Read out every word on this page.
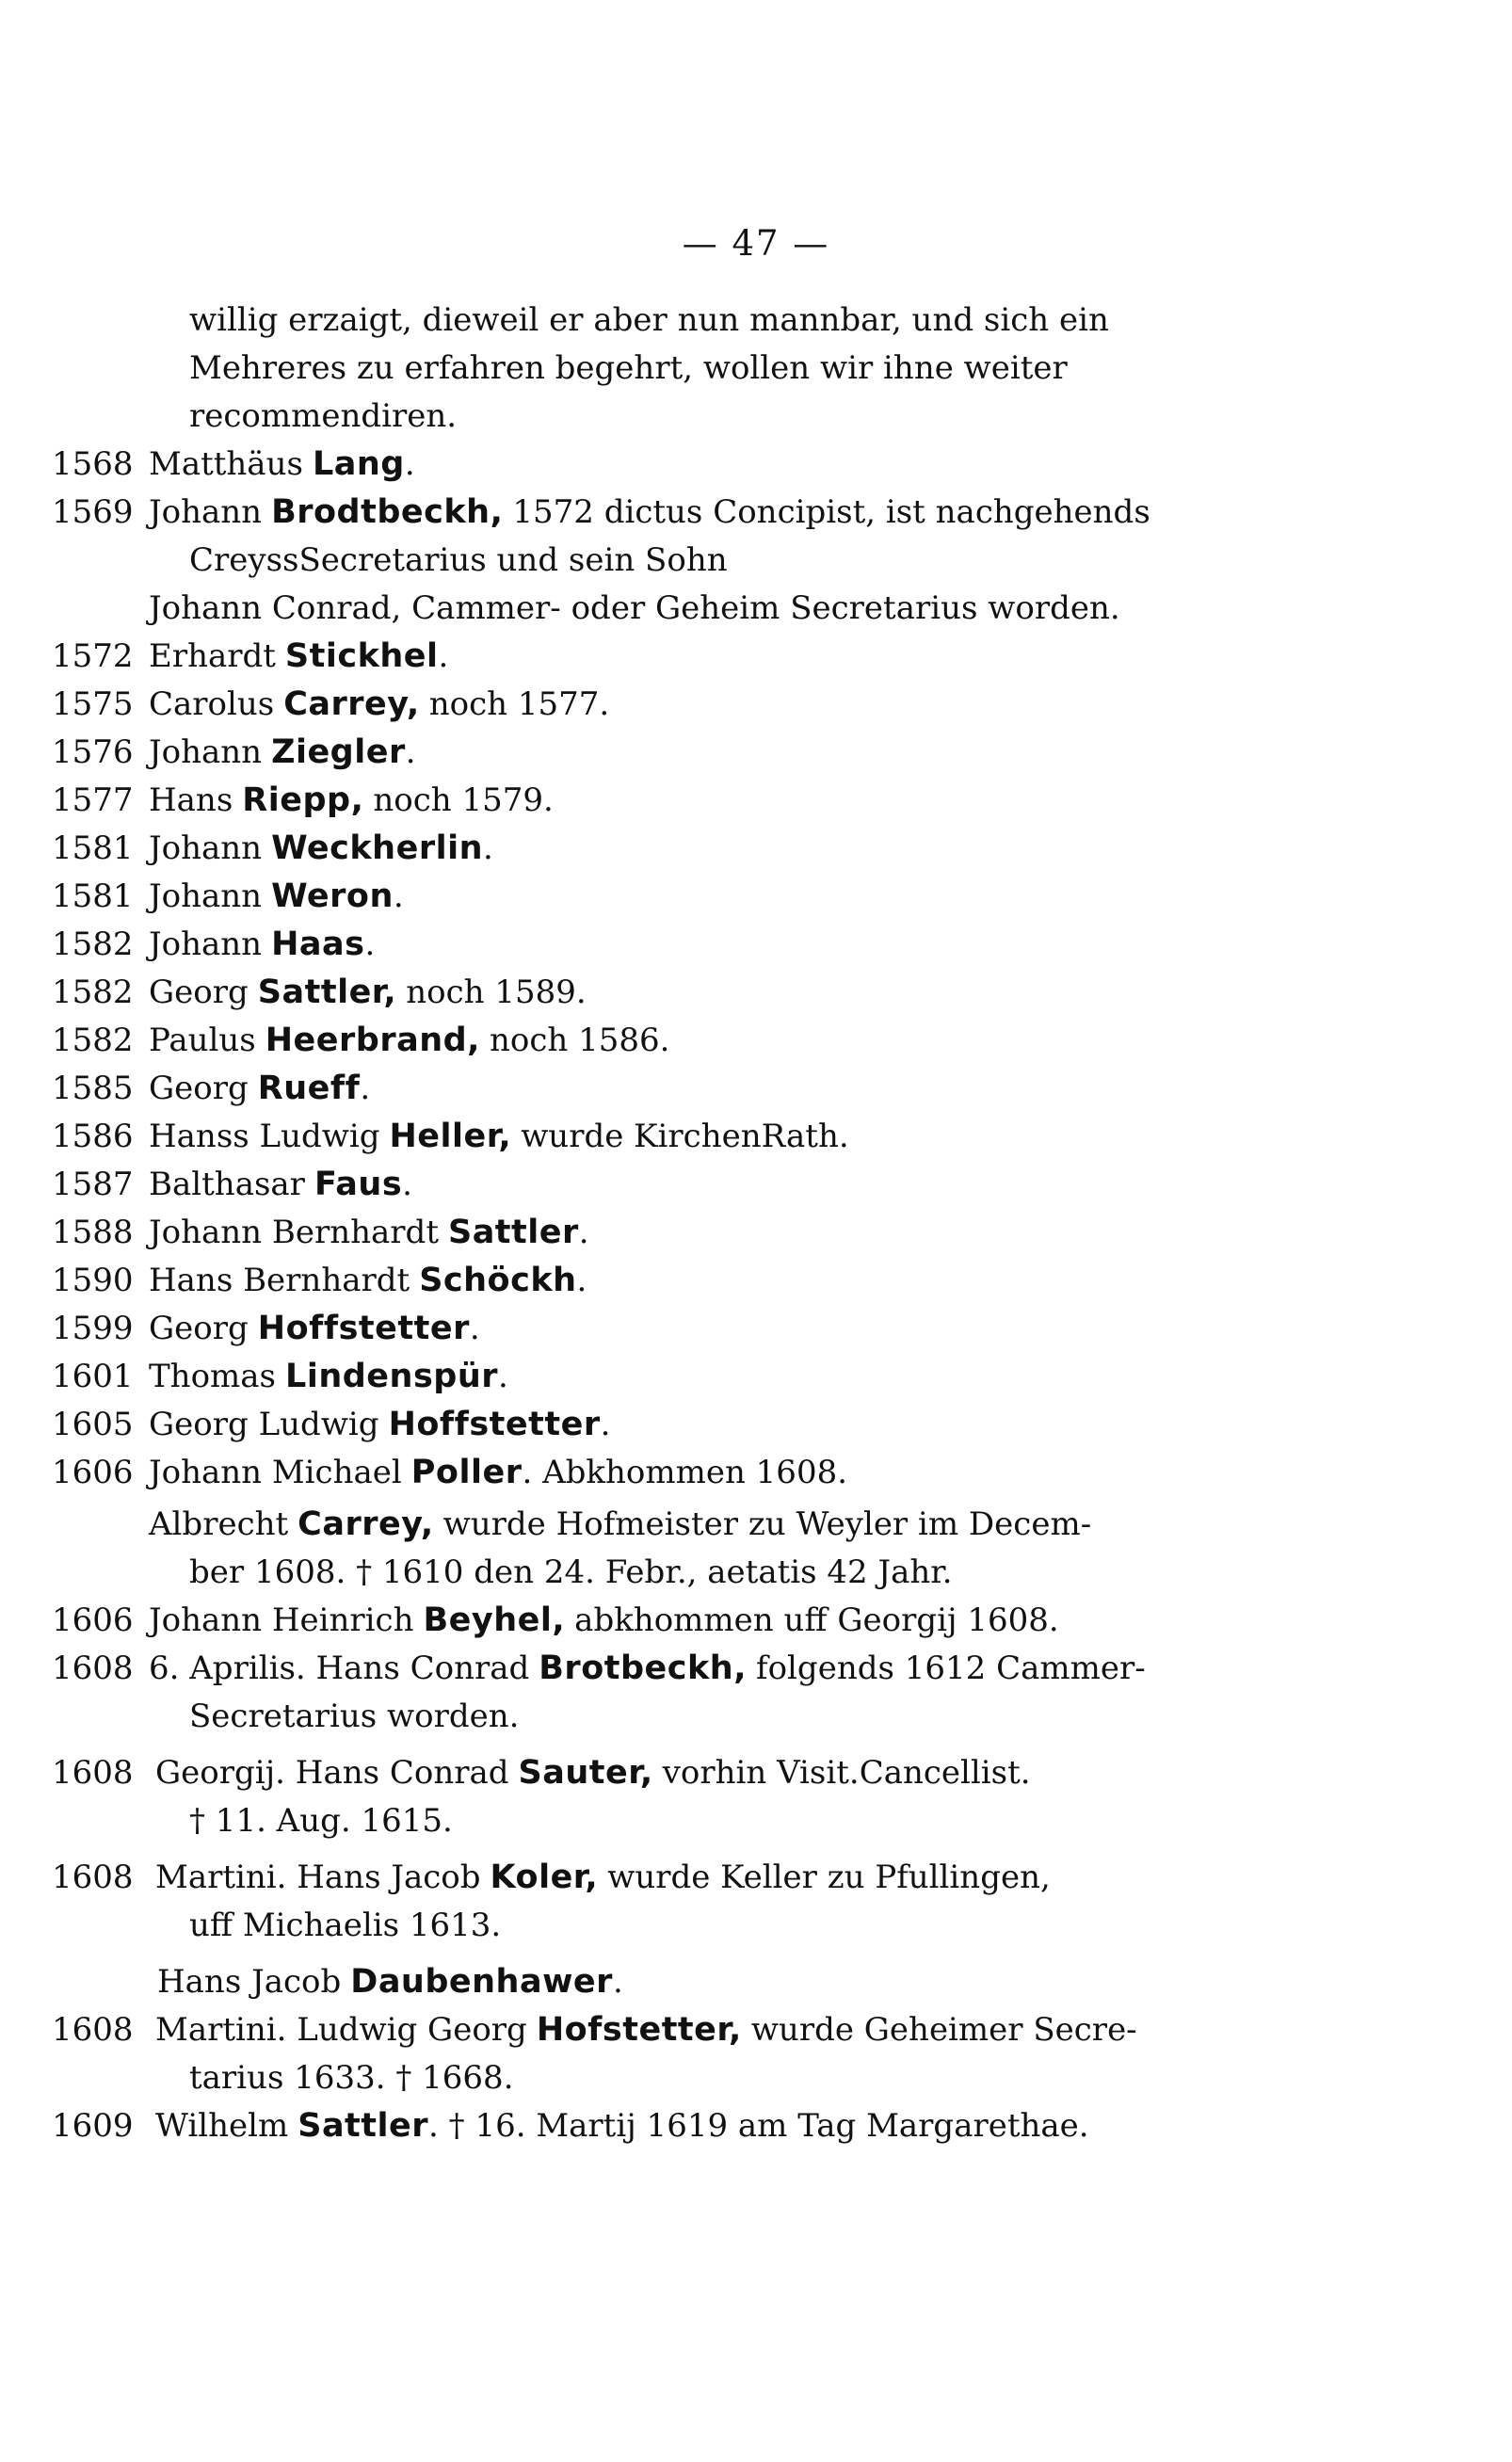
— 47 —
willig erzaigt, dieweil er aber nun mannbar, und sich ein
Mehreres zu erfahren begehrt, wollen wir ihne weiter
recommendiren.
1568 Matthäus Lang.
1569 Johann Brodtbeckh, 1572 dictus Concipist, ist nachgehends
CreyssSecretarius und sein Sohn
Johann Conrad, Cammer- oder Geheim Secretarius worden.
1572 Erhardt Stickhel.
1575 Carolus Carrey, noch 1577.
1576 Johann Ziegler.
1577 Hans Riepp, noch 1579.
1581 Johann Weckherlin.
1581 Johann Weron.
1582 Johann Haas.
1582 Georg Sattler, noch 1589.
1582 Paulus Heerbrand, noch 1586.
1585 Georg Rueff.
1586 Hanss Ludwig Heller, wurde KirchenRath.
1587 Balthasar Faus.
1588 Johann Bernhardt Sattler.
1590 Hans Bernhardt Schöckh.
1599 Georg Hoffstetter.
1601 Thomas Lindenspür.
1605 Georg Ludwig Hoffstetter.
1606 Johann Michael Poller. Abkhommen 1608.
Albrecht Carrey, wurde Hofmeister zu Weyler im Decem-
ber 1608. † 1610 den 24. Febr., aetatis 42 Jahr.
1606 Johann Heinrich Beyhel, abkhommen uff Georgij 1608.
1608 6. Aprilis. Hans Conrad Brotbeckh, folgends 1612 Cammer-
Secretarius worden.
1608 Georgij. Hans Conrad Sauter, vorhin Visit.Cancellist.
† 11. Aug. 1615.
1608 Martini. Hans Jacob Koler, wurde Keller zu Pfullingen,
uff Michaelis 1613.
Hans Jacob Daubenhawer.
1608 Martini. Ludwig Georg Hofstetter, wurde Geheimer Secre-
tarius 1633. † 1668.
1609 Wilhelm Sattler. † 16. Martij 1619 am Tag Margarethae.
